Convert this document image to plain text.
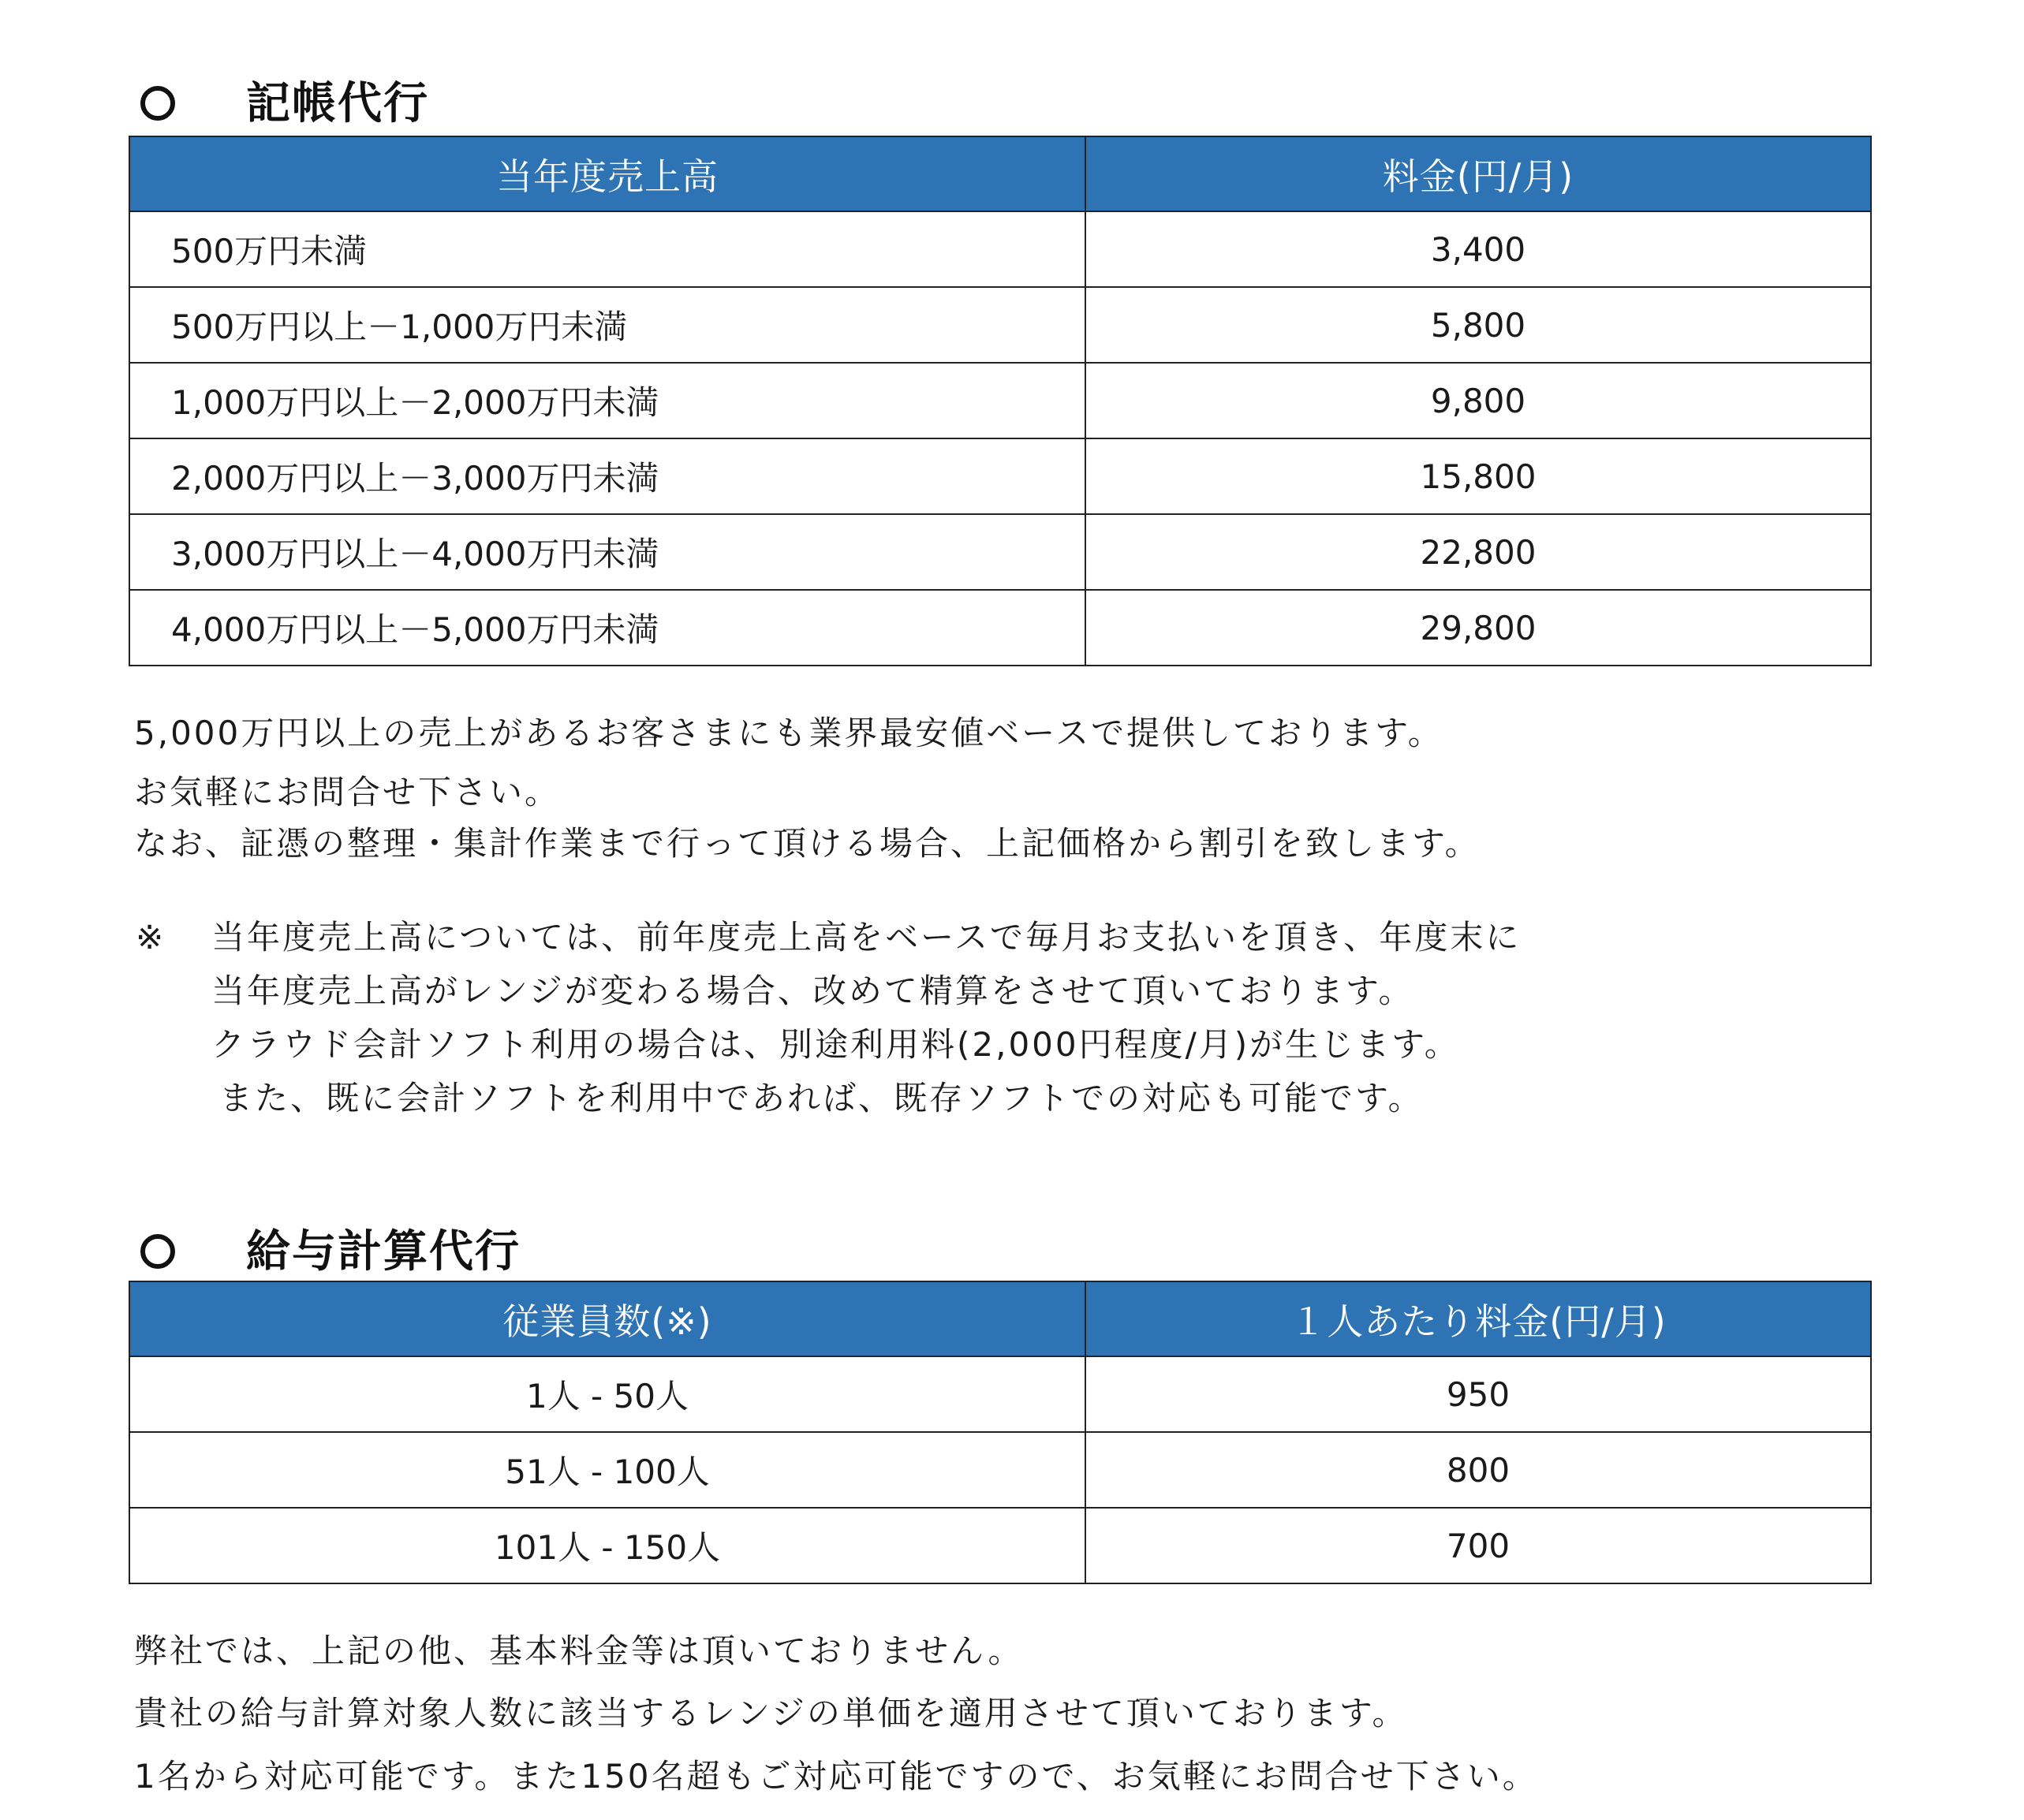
記帳代行
当年度売上高	料金(円/月)
500万円未満	3,400
500万円以上－1,000万円未満	5,800
1,000万円以上－2,000万円未満	9,800
2,000万円以上－3,000万円未満	15,800
3,000万円以上－4,000万円未満	22,800
4,000万円以上－5,000万円未満	29,800
5,000万円以上の売上があるお客さまにも業界最安値ベースで提供しております。
お気軽にお問合せ下さい。
なお、証憑の整理・集計作業まで行って頂ける場合、上記価格から割引を致します。
※ 当年度売上高については、前年度売上高をベースで毎月お支払いを頂き、年度末に
当年度売上高がレンジが変わる場合、改めて精算をさせて頂いております。
クラウド会計ソフト利用の場合は、別途利用料(2,000円程度/月)が生じます。
また、既に会計ソフトを利用中であれば、既存ソフトでの対応も可能です。
給与計算代行
従業員数(※)	１人あたり料金(円/月)
1人 - 50人	950
51人 - 100人	800
101人 - 150人	700
弊社では、上記の他、基本料金等は頂いておりません。
貴社の給与計算対象人数に該当するレンジの単価を適用させて頂いております。
1名から対応可能です。また150名超もご対応可能ですので、お気軽にお問合せ下さい。
